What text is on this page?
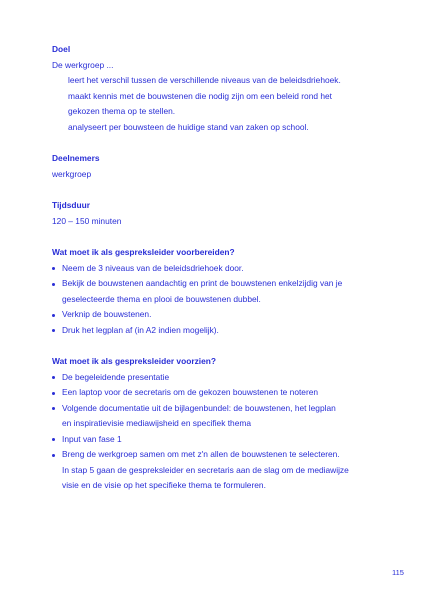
Doel

De werkgroep ...

leert het verschil tussen de verschillende niveaus van de beleidsdriehoek.

maakt kennis met de bouwstenen die nodig zijn om een beleid rond het

gekozen thema op te stellen.

analyseert per bouwsteen de huidige stand van zaken op school.

Deelnemers

werkgroep

Tijdsduur

120 – 150 minuten

Wat moet ik als gespreksleider voorbereiden?

Neem de 3 niveaus van de beleidsdriehoek door.
Bekijk de bouwstenen aandachtig en print de bouwstenen enkelzijdig van je

geselecteerde thema en plooi de bouwstenen dubbel.

Verknip de bouwstenen.
Druk het legplan af (in A2 indien mogelijk).

Wat moet ik als gespreksleider voorzien?

De begeleidende presentatie
Een laptop voor de secretaris om de gekozen bouwstenen te noteren
Volgende documentatie uit de bijlagenbundel: de bouwstenen, het legplan

en inspiratievisie mediawijsheid en specifiek thema

Input van fase 1
Breng de werkgroep samen om met z'n allen de bouwstenen te selecteren.

In stap 5 gaan de gespreksleider en secretaris aan de slag om de mediawijze

visie en de visie op het specifieke thema te formuleren.

115
